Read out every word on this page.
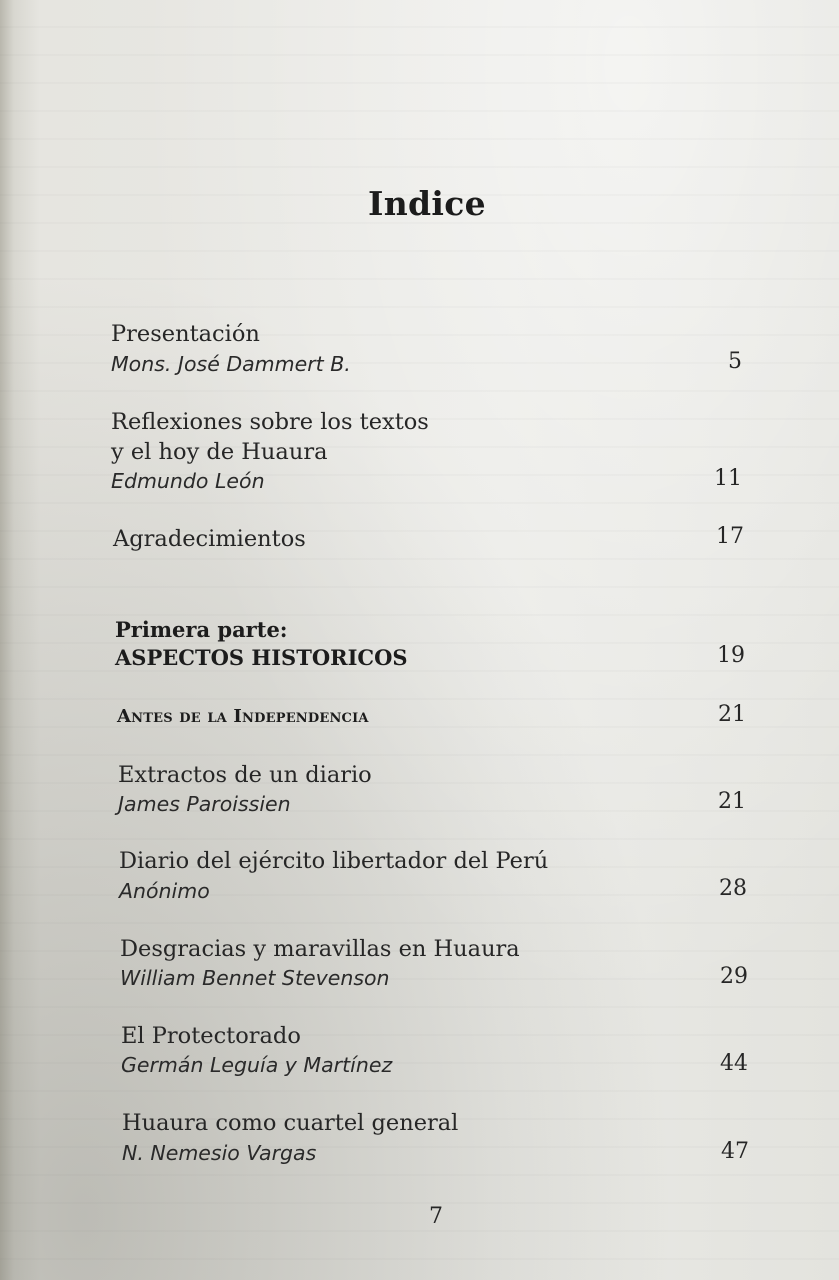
Indice
Presentación
Mons. José Dammert B.	5
Reflexiones sobre los textos
y el hoy de Huaura
Edmundo León	11
Agradecimientos	17
Primera parte:
ASPECTOS HISTORICOS	19
Antes de la Independencia	21
Extractos de un diario
James Paroissien	21
Diario del ejército libertador del Perú
Anónimo	28
Desgracias y maravillas en Huaura
William Bennet Stevenson	29
El Protectorado
Germán Leguía y Martínez	44
Huaura como cuartel general
N. Nemesio Vargas	47
7
